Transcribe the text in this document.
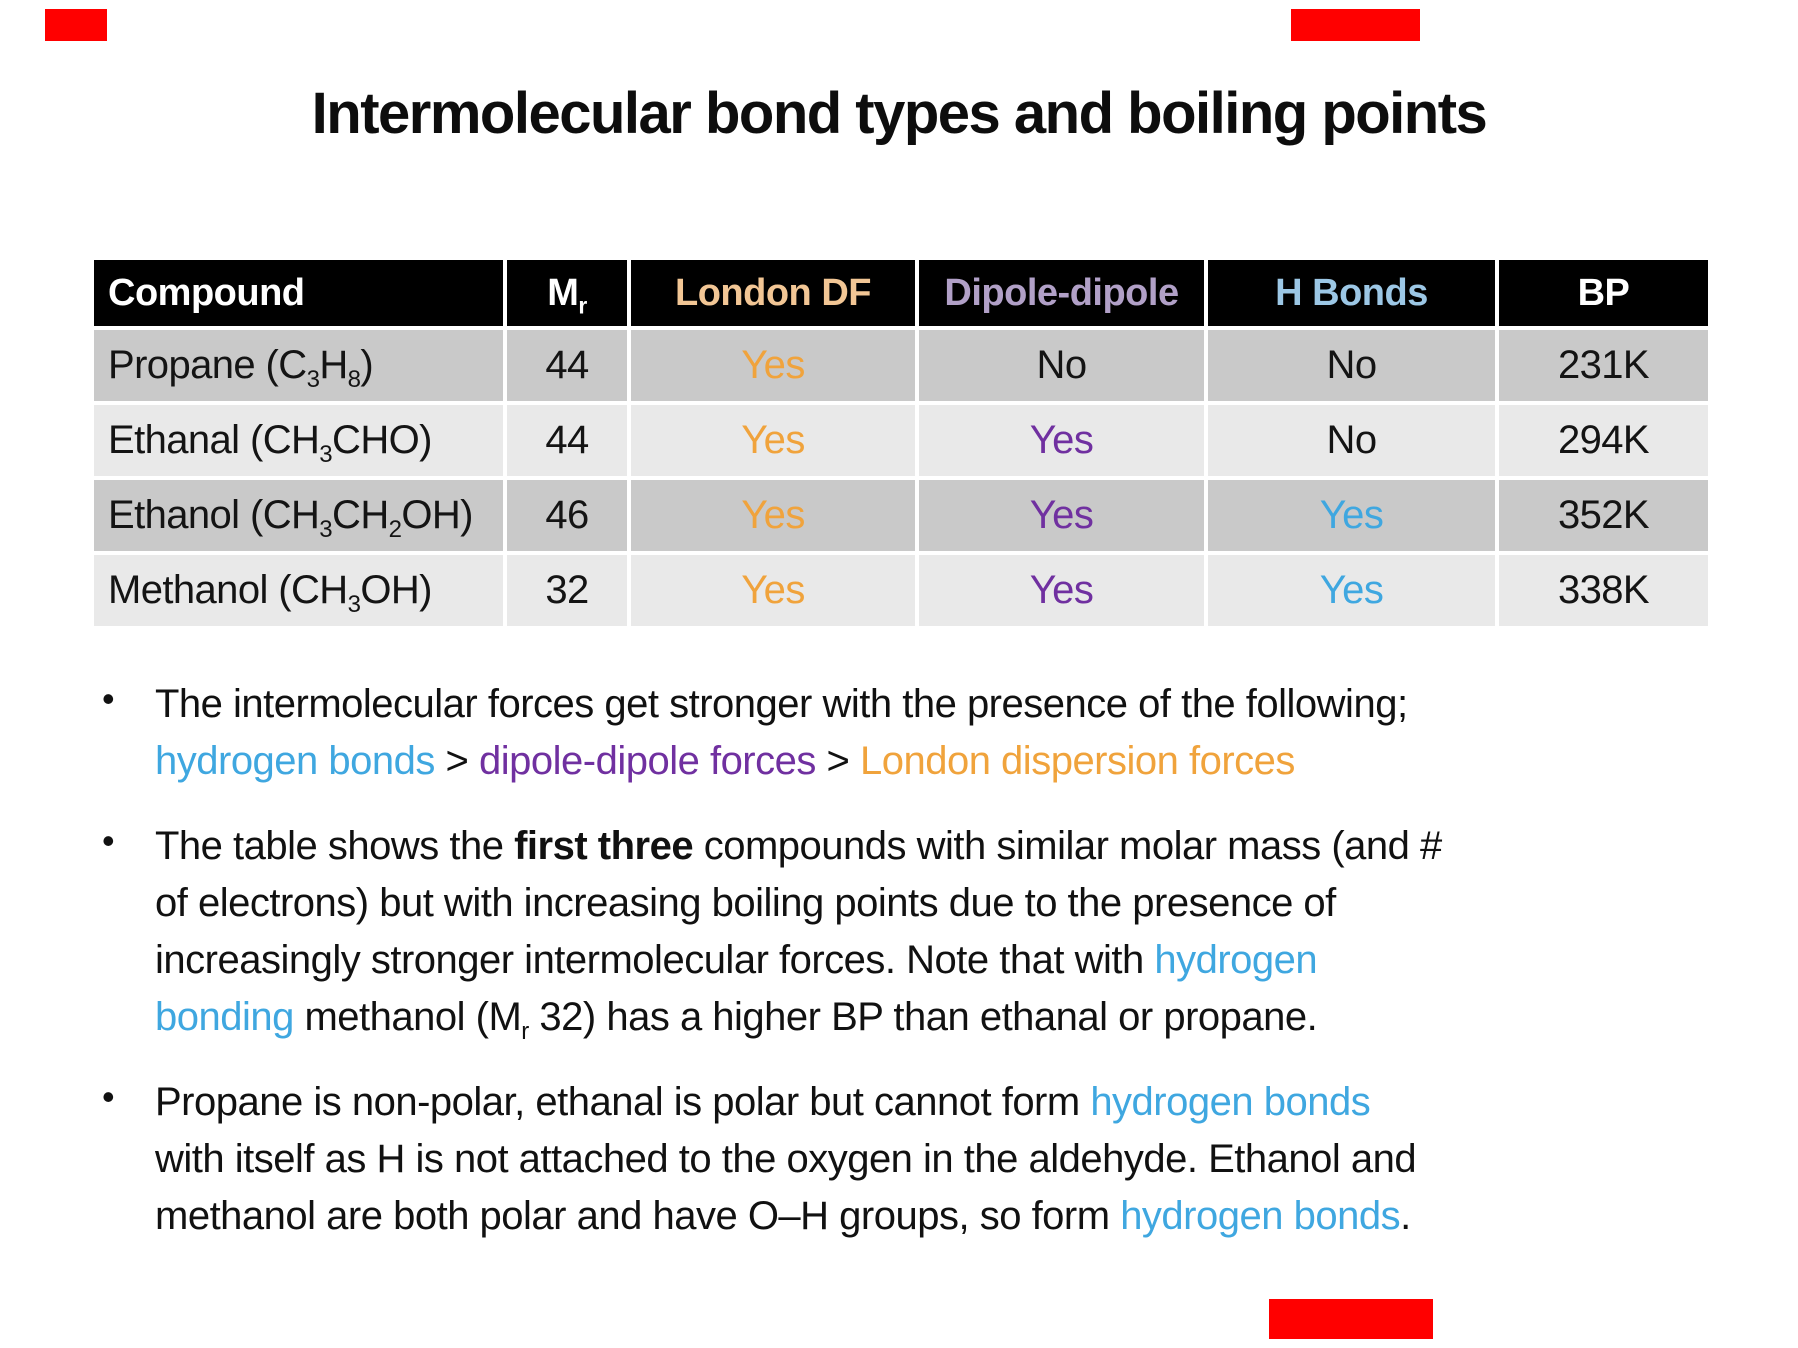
Intermolecular bond types and boiling points
Compound	$M_r$	London DF	Dipole-dipole	H Bonds	BP
Propane $(C_3H_8)$	44	Yes	No	No	231K
Ethanal $(CH_3CHO)$	44	Yes	Yes	No	294K
Ethanol $(CH_3CH_2OH)$	46	Yes	Yes	Yes	352K
Methanol $(CH_3OH)$	32	Yes	Yes	Yes	338K
• The intermolecular forces get stronger with the presence of the following;
hydrogen bonds > dipole-dipole forces > London dispersion forces
• The table shows the first three compounds with similar molar mass (and #
of electrons) but with increasing boiling points due to the presence of
increasingly stronger intermolecular forces. Note that with hydrogen
bonding methanol ($M_r$ 32) has a higher BP than ethanal or propane.
• Propane is non-polar, ethanal is polar but cannot form hydrogen bonds
with itself as H is not attached to the oxygen in the aldehyde. Ethanol and
methanol are both polar and have O–H groups, so form hydrogen bonds.
